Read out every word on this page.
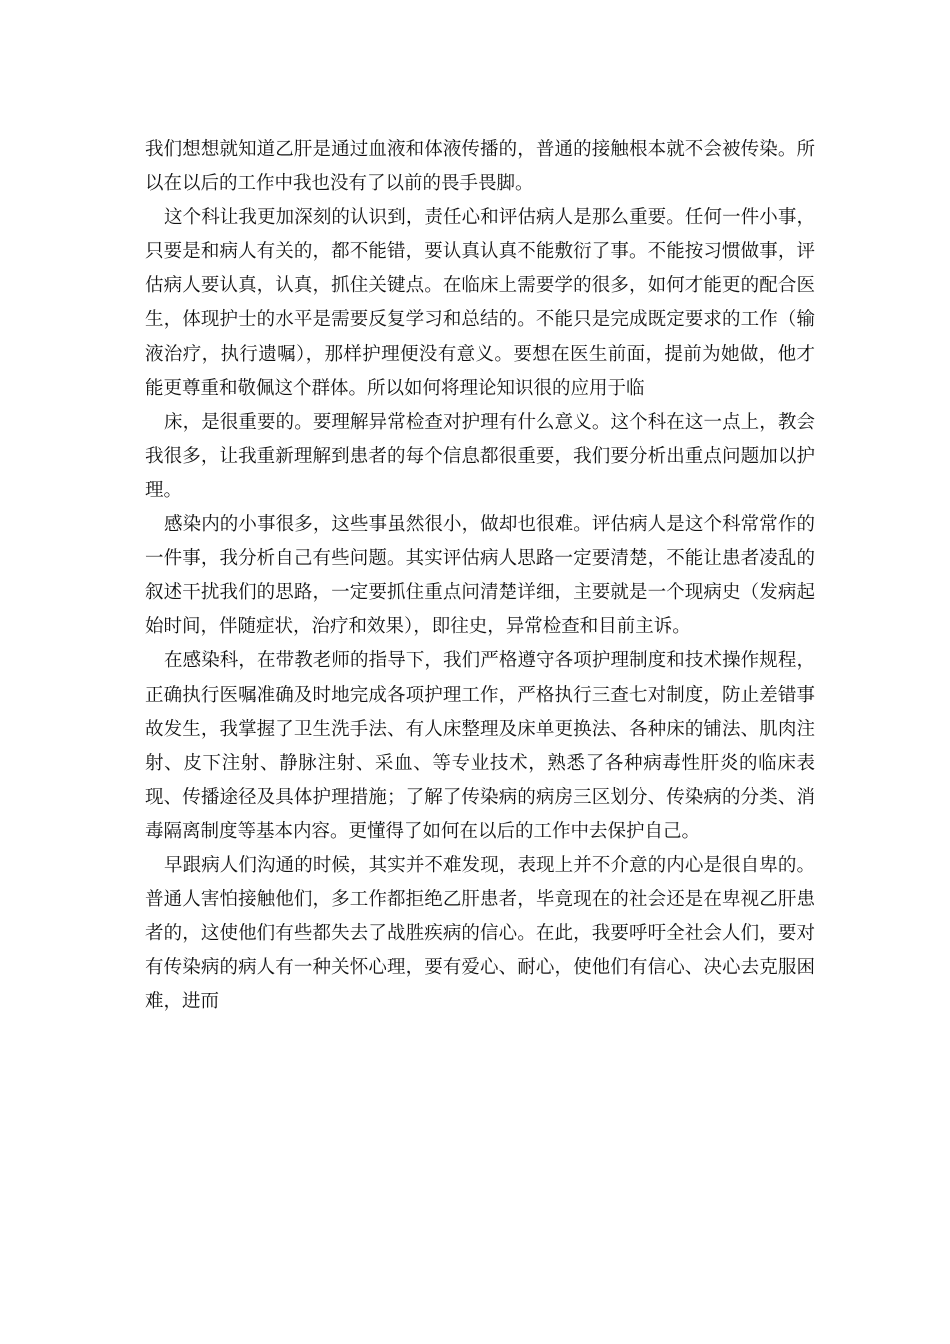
我们想想就知道乙肝是通过血液和体液传播的，普通的接触根本就不会被传染。所以在以后的工作中我也没有了以前的畏手畏脚。

这个科让我更加深刻的认识到，责任心和评估病人是那么重要。任何一件小事，只要是和病人有关的，都不能错，要认真认真不能敷衍了事。不能按习惯做事，评估病人要认真，认真，抓住关键点。在临床上需要学的很多，如何才能更的配合医生，体现护士的水平是需要反复学习和总结的。不能只是完成既定要求的工作（输液治疗，执行遗嘱），那样护理便没有意义。要想在医生前面，提前为她做，他才能更尊重和敬佩这个群体。所以如何将理论知识很的应用于临

床，是很重要的。要理解异常检查对护理有什么意义。这个科在这一点上，教会我很多，让我重新理解到患者的每个信息都很重要，我们要分析出重点问题加以护理。

感染内的小事很多，这些事虽然很小，做却也很难。评估病人是这个科常常作的一件事，我分析自己有些问题。其实评估病人思路一定要清楚，不能让患者凌乱的叙述干扰我们的思路，一定要抓住重点问清楚详细，主要就是一个现病史（发病起始时间，伴随症状，治疗和效果），即往史，异常检查和目前主诉。

在感染科，在带教老师的指导下，我们严格遵守各项护理制度和技术操作规程，正确执行医嘱准确及时地完成各项护理工作，严格执行三查七对制度，防止差错事故发生，我掌握了卫生洗手法、有人床整理及床单更换法、各种床的铺法、肌肉注射、皮下注射、静脉注射、采血、等专业技术，熟悉了各种病毒性肝炎的临床表现、传播途径及具体护理措施；了解了传染病的病房三区划分、传染病的分类、消毒隔离制度等基本内容。更懂得了如何在以后的工作中去保护自己。

早跟病人们沟通的时候，其实并不难发现，表现上并不介意的内心是很自卑的。普通人害怕接触他们，多工作都拒绝乙肝患者，毕竟现在的社会还是在卑视乙肝患者的，这使他们有些都失去了战胜疾病的信心。在此，我要呼吁全社会人们，要对有传染病的病人有一种关怀心理，要有爱心、耐心，使他们有信心、决心去克服困难，进而
